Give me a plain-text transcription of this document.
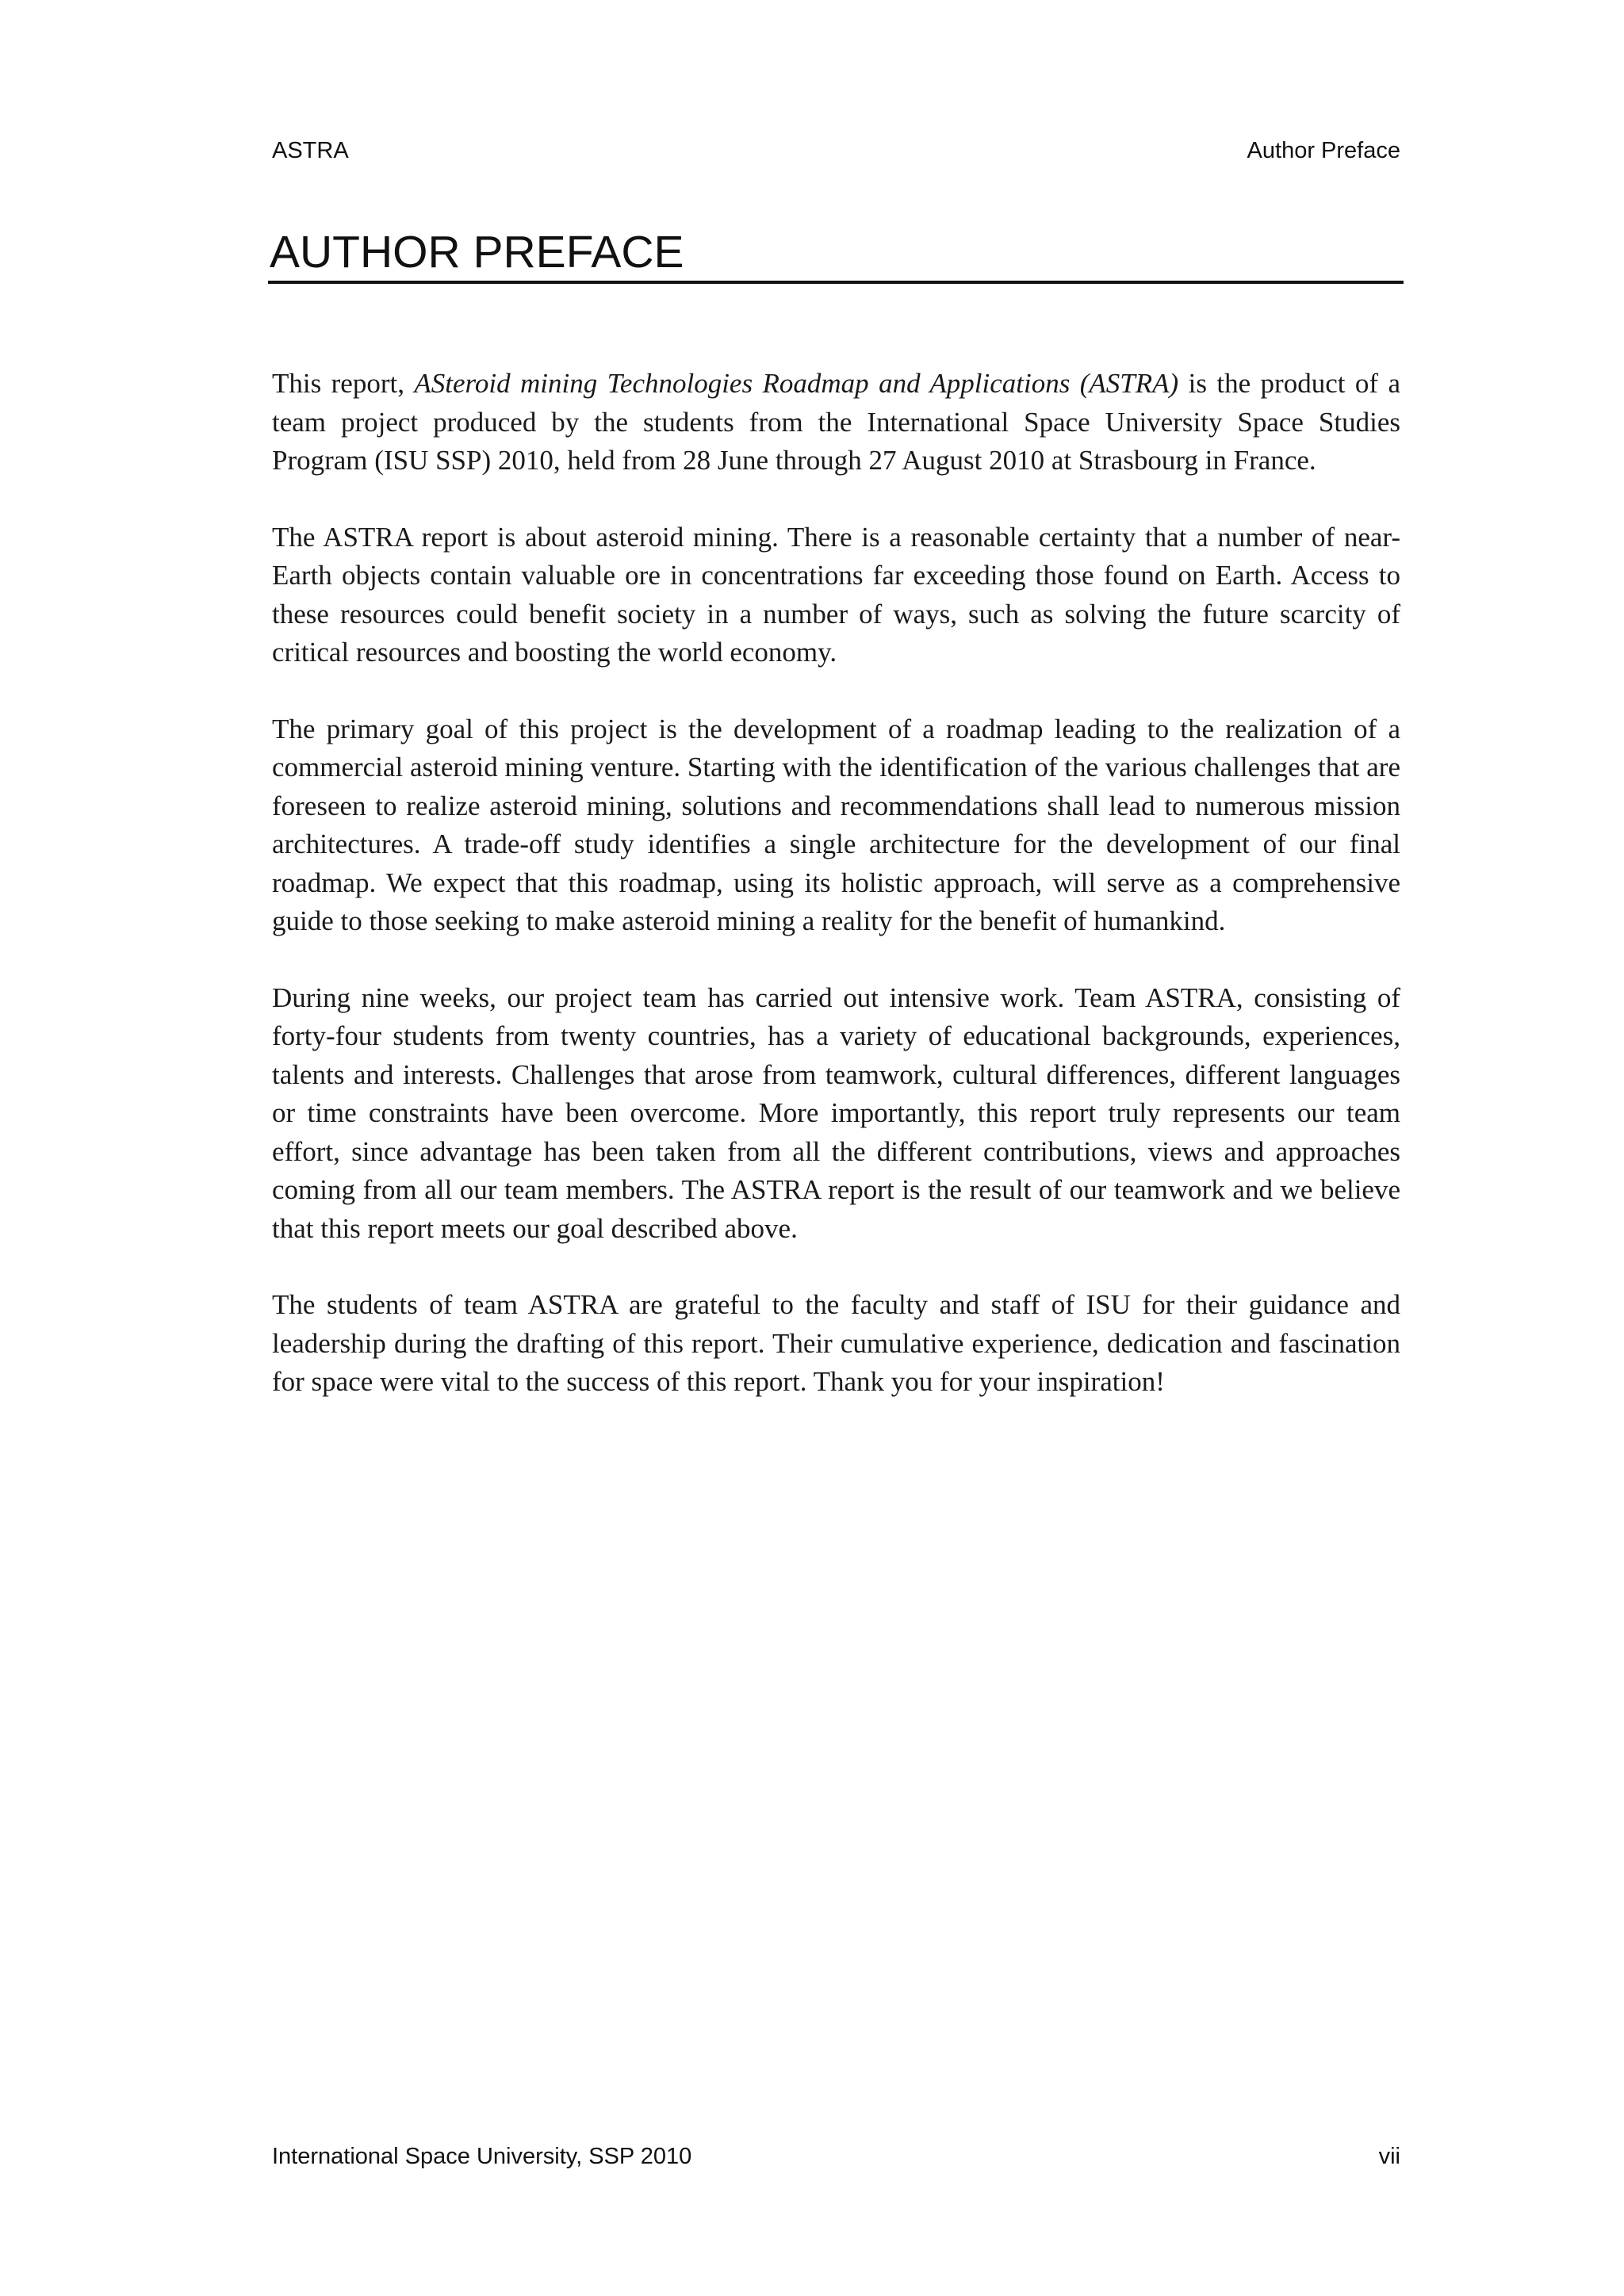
ASTRA	Author Preface
AUTHOR PREFACE

This report, ASteroid mining Technologies Roadmap and Applications (ASTRA) is the product of a team project produced by the students from the International Space University Space Studies Program (ISU SSP) 2010, held from 28 June through 27 August 2010 at Strasbourg in France.

The ASTRA report is about asteroid mining. There is a reasonable certainty that a number of near-Earth objects contain valuable ore in concentrations far exceeding those found on Earth. Access to these resources could benefit society in a number of ways, such as solving the future scarcity of critical resources and boosting the world economy.

The primary goal of this project is the development of a roadmap leading to the realization of a commercial asteroid mining venture. Starting with the identification of the various challenges that are foreseen to realize asteroid mining, solutions and recommendations shall lead to numerous mission architectures. A trade-off study identifies a single architecture for the development of our final roadmap. We expect that this roadmap, using its holistic approach, will serve as a comprehensive guide to those seeking to make asteroid mining a reality for the benefit of humankind.

During nine weeks, our project team has carried out intensive work. Team ASTRA, consisting of forty-four students from twenty countries, has a variety of educational backgrounds, experiences, talents and interests. Challenges that arose from teamwork, cultural differences, different languages or time constraints have been overcome. More importantly, this report truly represents our team effort, since advantage has been taken from all the different contributions, views and approaches coming from all our team members. The ASTRA report is the result of our teamwork and we believe that this report meets our goal described above.

The students of team ASTRA are grateful to the faculty and staff of ISU for their guidance and leadership during the drafting of this report. Their cumulative experience, dedication and fascination for space were vital to the success of this report. Thank you for your inspiration!

International Space University, SSP 2010	vii
